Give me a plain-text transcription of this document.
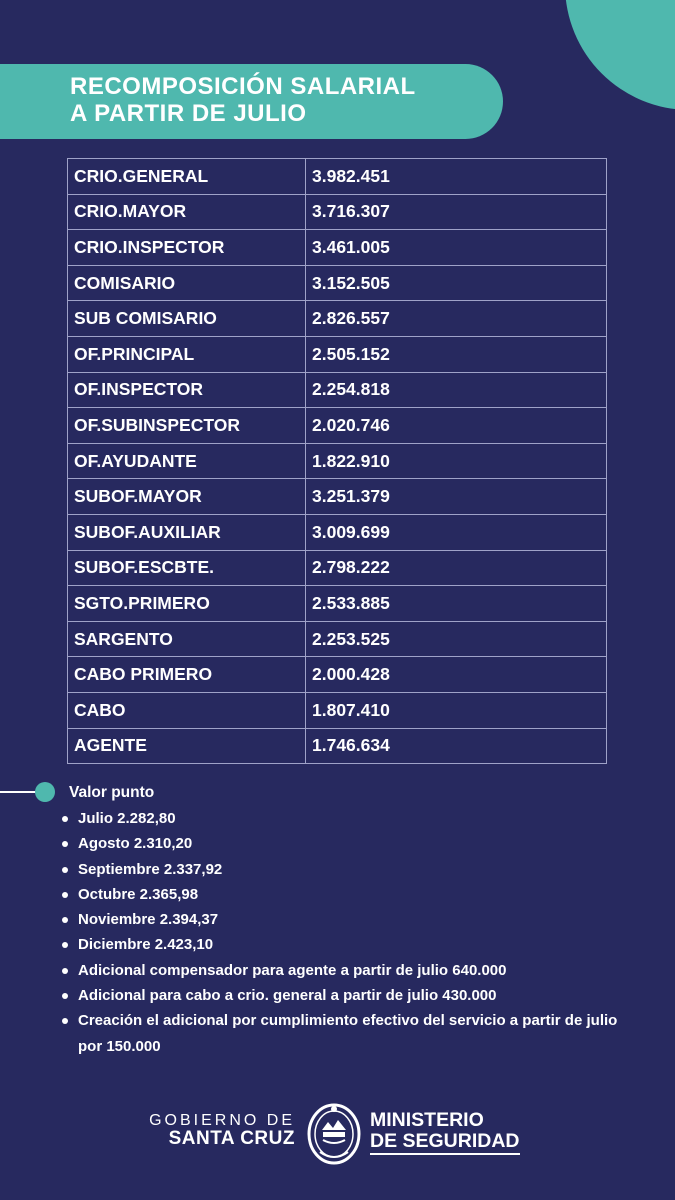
RECOMPOSICIÓN SALARIAL
A PARTIR DE JULIO
CRIO.GENERAL	3.982.451
CRIO.MAYOR	3.716.307
CRIO.INSPECTOR	3.461.005
COMISARIO	3.152.505
SUB COMISARIO	2.826.557
OF.PRINCIPAL	2.505.152
OF.INSPECTOR	2.254.818
OF.SUBINSPECTOR	2.020.746
OF.AYUDANTE	1.822.910
SUBOF.MAYOR	3.251.379
SUBOF.AUXILIAR	3.009.699
SUBOF.ESCBTE.	2.798.222
SGTO.PRIMERO	2.533.885
SARGENTO	2.253.525
CABO PRIMERO	2.000.428
CABO	1.807.410
AGENTE	1.746.634
Valor punto
Julio 2.282,80
Agosto 2.310,20
Septiembre 2.337,92
Octubre 2.365,98
Noviembre 2.394,37
Diciembre 2.423,10
Adicional compensador para agente a partir de julio 640.000
Adicional para cabo a crio. general a partir de julio 430.000
Creación el adicional por cumplimiento efectivo del servicio a partir de julio por 150.000
GOBIERNO DE
SANTA CRUZ
MINISTERIO
DE SEGURIDAD
